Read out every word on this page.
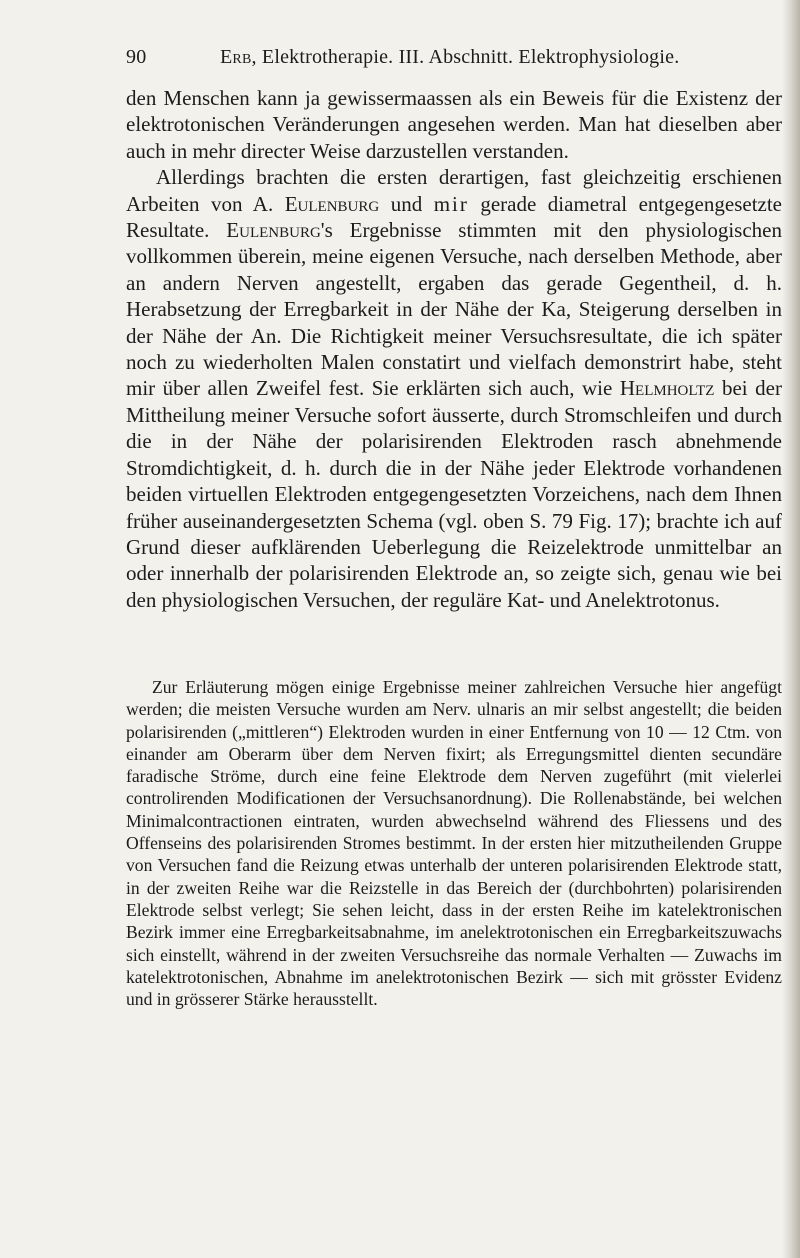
90	Erb, Elektrotherapie. III. Abschnitt. Elektrophysiologie.

den Menschen kann ja gewissermaassen als ein Beweis für die Existenz der elektrotonischen Veränderungen angesehen werden. Man hat dieselben aber auch in mehr directer Weise darzustellen verstanden.

Allerdings brachten die ersten derartigen, fast gleichzeitig erschienen Arbeiten von A. Eulenburg und mir gerade diametral entgegengesetzte Resultate. Eulenburg's Ergebnisse stimmten mit den physiologischen vollkommen überein, meine eigenen Versuche, nach derselben Methode, aber an andern Nerven angestellt, ergaben das gerade Gegentheil, d. h. Herabsetzung der Erregbarkeit in der Nähe der Ka, Steigerung derselben in der Nähe der An. Die Richtigkeit meiner Versuchsresultate, die ich später noch zu wiederholten Malen constatirt und vielfach demonstrirt habe, steht mir über allen Zweifel fest. Sie erklärten sich auch, wie Helmholtz bei der Mittheilung meiner Versuche sofort äusserte, durch Stromschleifen und durch die in der Nähe der polarisirenden Elektroden rasch abnehmende Stromdichtigkeit, d. h. durch die in der Nähe jeder Elektrode vorhandenen beiden virtuellen Elektroden entgegengesetzten Vorzeichens, nach dem Ihnen früher auseinandergesetzten Schema (vgl. oben S. 79 Fig. 17); brachte ich auf Grund dieser aufklärenden Ueberlegung die Reizelektrode unmittelbar an oder innerhalb der polarisirenden Elektrode an, so zeigte sich, genau wie bei den physiologischen Versuchen, der reguläre Kat- und Anelektrotonus.

Zur Erläuterung mögen einige Ergebnisse meiner zahlreichen Versuche hier angefügt werden; die meisten Versuche wurden am Nerv. ulnaris an mir selbst angestellt; die beiden polarisirenden („mittleren“) Elektroden wurden in einer Entfernung von 10 — 12 Ctm. von einander am Oberarm über dem Nerven fixirt; als Erregungsmittel dienten secundäre faradische Ströme, durch eine feine Elektrode dem Nerven zugeführt (mit vielerlei controlirenden Modificationen der Versuchsanordnung). Die Rollenabstände, bei welchen Minimalcontractionen eintraten, wurden abwechselnd während des Fliessens und des Offenseins des polarisirenden Stromes bestimmt. In der ersten hier mitzutheilenden Gruppe von Versuchen fand die Reizung etwas unterhalb der unteren polarisirenden Elektrode statt, in der zweiten Reihe war die Reizstelle in das Bereich der (durchbohrten) polarisirenden Elektrode selbst verlegt; Sie sehen leicht, dass in der ersten Reihe im katelektronischen Bezirk immer eine Erregbarkeitsabnahme, im anelektrotonischen ein Erregbarkeitszuwachs sich einstellt, während in der zweiten Versuchsreihe das normale Verhalten — Zuwachs im katelektrotonischen, Abnahme im anelektrotonischen Bezirk — sich mit grösster Evidenz und in grösserer Stärke herausstellt.
